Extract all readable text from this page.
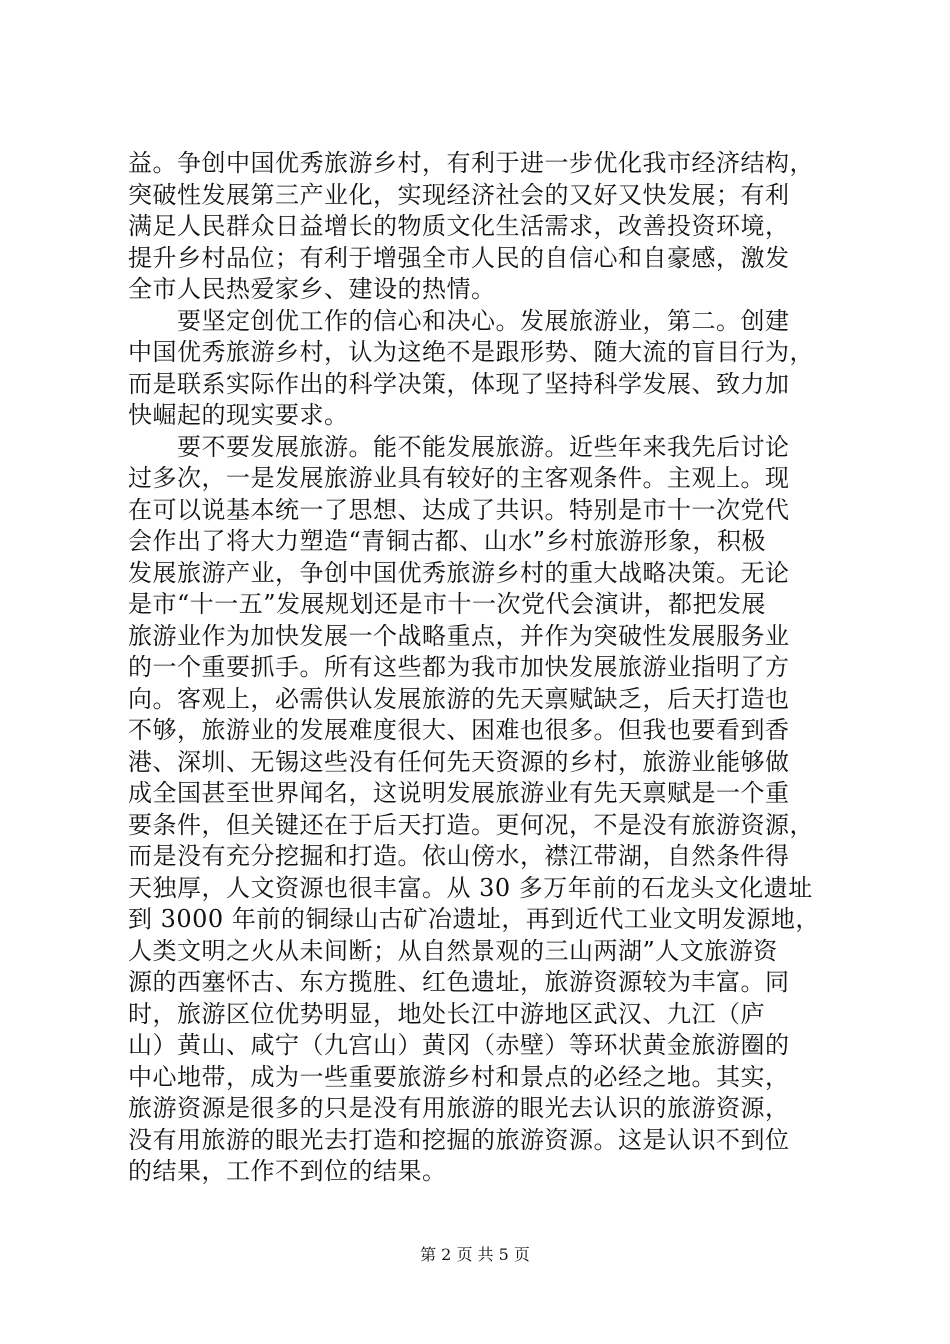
益。争创中国优秀旅游乡村，有利于进一步优化我市经济结构，
突破性发展第三产业化，实现经济社会的又好又快发展；有利
满足人民群众日益增长的物质文化生活需求，改善投资环境，
提升乡村品位；有利于增强全市人民的自信心和自豪感，激发
全市人民热爱家乡、建设的热情。
　　要坚定创优工作的信心和决心。发展旅游业，第二。创建
中国优秀旅游乡村，认为这绝不是跟形势、随大流的盲目行为，
而是联系实际作出的科学决策，体现了坚持科学发展、致力加
快崛起的现实要求。
　　要不要发展旅游。能不能发展旅游。近些年来我先后讨论
过多次，一是发展旅游业具有较好的主客观条件。主观上。现
在可以说基本统一了思想、达成了共识。特别是市十一次党代
会作出了将大力塑造“青铜古都、山水”乡村旅游形象，积极
发展旅游产业，争创中国优秀旅游乡村的重大战略决策。无论
是市“十一五”发展规划还是市十一次党代会演讲，都把发展
旅游业作为加快发展一个战略重点，并作为突破性发展服务业
的一个重要抓手。所有这些都为我市加快发展旅游业指明了方
向。客观上，必需供认发展旅游的先天禀赋缺乏，后天打造也
不够，旅游业的发展难度很大、困难也很多。但我也要看到香
港、深圳、无锡这些没有任何先天资源的乡村，旅游业能够做
成全国甚至世界闻名，这说明发展旅游业有先天禀赋是一个重
要条件，但关键还在于后天打造。更何况，不是没有旅游资源，
而是没有充分挖掘和打造。依山傍水，襟江带湖，自然条件得
天独厚，人文资源也很丰富。从 30 多万年前的石龙头文化遗址
到 3000 年前的铜绿山古矿冶遗址，再到近代工业文明发源地，
人类文明之火从未间断；从自然景观的三山两湖”人文旅游资
源的西塞怀古、东方揽胜、红色遗址，旅游资源较为丰富。同
时，旅游区位优势明显，地处长江中游地区武汉、九江（庐
山）黄山、咸宁（九宫山）黄冈（赤壁）等环状黄金旅游圈的
中心地带，成为一些重要旅游乡村和景点的必经之地。其实，
旅游资源是很多的只是没有用旅游的眼光去认识的旅游资源，
没有用旅游的眼光去打造和挖掘的旅游资源。这是认识不到位
的结果，工作不到位的结果。
第 2 页 共 5 页
